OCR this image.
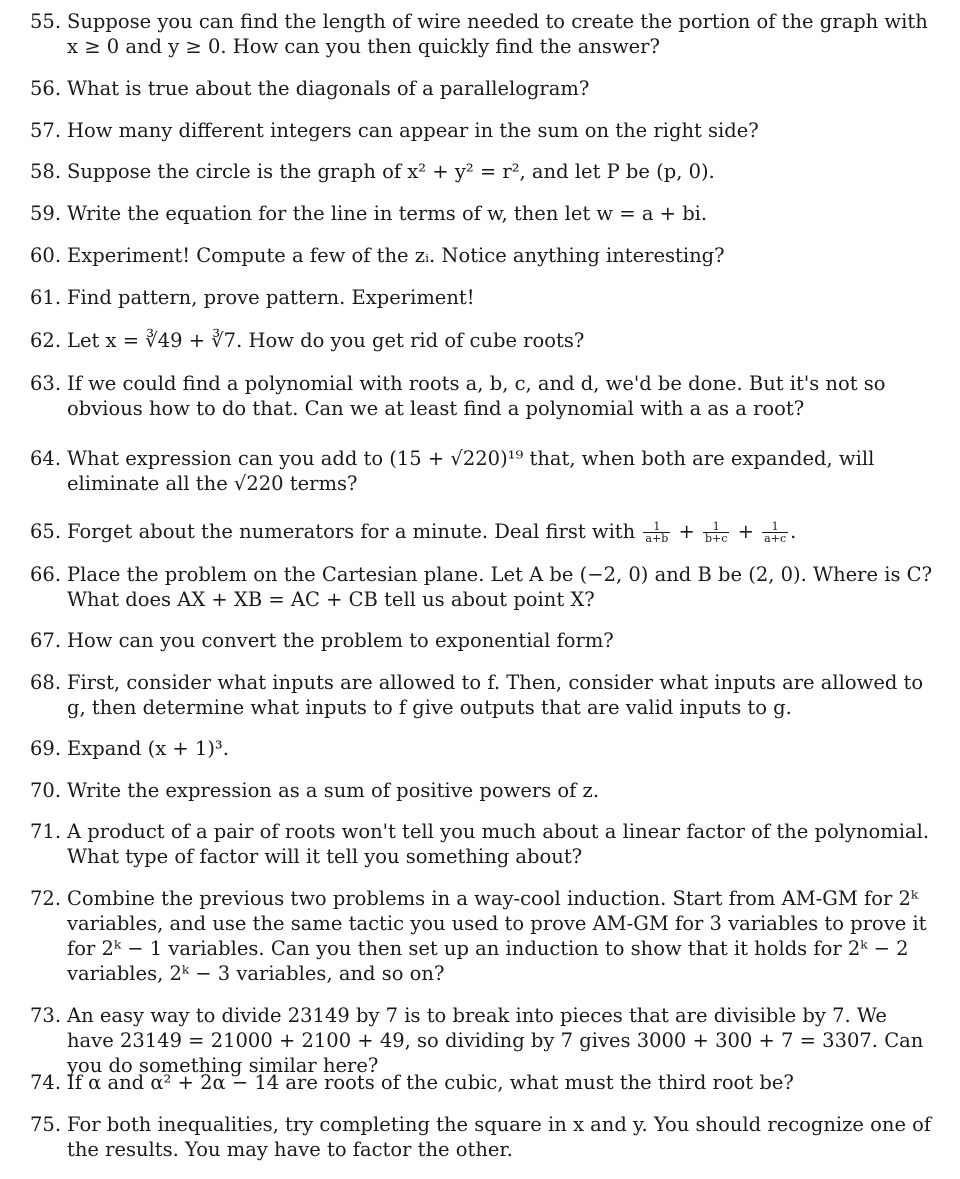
55. Suppose you can find the length of wire needed to create the portion of the graph with x ≥ 0 and y ≥ 0. How can you then quickly find the answer?
56. What is true about the diagonals of a parallelogram?
57. How many different integers can appear in the sum on the right side?
58. Suppose the circle is the graph of x² + y² = r², and let P be (p, 0).
59. Write the equation for the line in terms of w, then let w = a + bi.
60. Experiment! Compute a few of the zᵢ. Notice anything interesting?
61. Find pattern, prove pattern. Experiment!
62. Let x = ∛49 + ∛7. How do you get rid of cube roots?
63. If we could find a polynomial with roots a, b, c, and d, we'd be done. But it's not so obvious how to do that. Can we at least find a polynomial with a as a root?
64. What expression can you add to (15 + √220)¹⁹ that, when both are expanded, will eliminate all the √220 terms?
65. Forget about the numerators for a minute. Deal first with $\frac{1}{a+b} + \frac{1}{b+c} + \frac{1}{a+c}$ .
66. Place the problem on the Cartesian plane. Let A be (−2, 0) and B be (2, 0). Where is C? What does AX + XB = AC + CB tell us about point X?
67. How can you convert the problem to exponential form?
68. First, consider what inputs are allowed to f. Then, consider what inputs are allowed to g, then determine what inputs to f give outputs that are valid inputs to g.
69. Expand (x + 1)³.
70. Write the expression as a sum of positive powers of z.
71. A product of a pair of roots won't tell you much about a linear factor of the polynomial. What type of factor will it tell you something about?
72. Combine the previous two problems in a way-cool induction. Start from AM-GM for 2ᵏ variables, and use the same tactic you used to prove AM-GM for 3 variables to prove it for 2ᵏ − 1 variables. Can you then set up an induction to show that it holds for 2ᵏ − 2 variables, 2ᵏ − 3 variables, and so on?
73. An easy way to divide 23149 by 7 is to break into pieces that are divisible by 7. We have 23149 = 21000 + 2100 + 49, so dividing by 7 gives 3000 + 300 + 7 = 3307. Can you do something similar here?
74. If α and α² + 2α − 14 are roots of the cubic, what must the third root be?
75. For both inequalities, try completing the square in x and y. You should recognize one of the results. You may have to factor the other.
